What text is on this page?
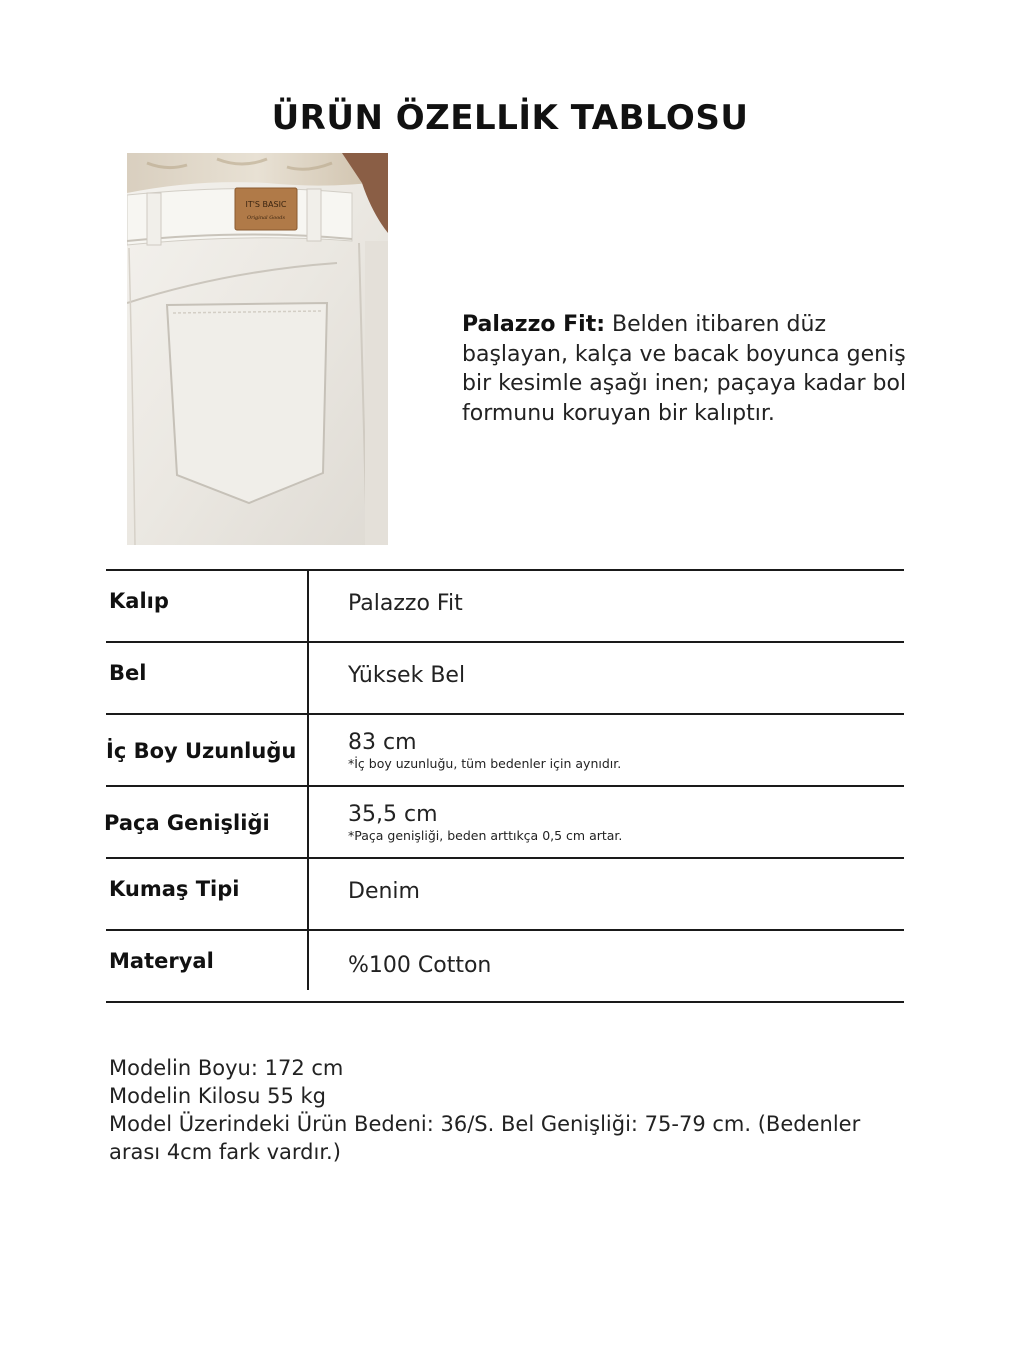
ÜRÜN ÖZELLİK TABLOSU
IT'S BASIC
Original Goods
Palazzo Fit: Belden itibaren düz başlayan, kalça ve bacak boyunca geniş bir kesimle aşağı inen; paçaya kadar bol formunu koruyan bir kalıptır.
Kalıp	Palazzo Fit
Bel	Yüksek Bel
İç Boy Uzunluğu 83 cm
*İç boy uzunluğu, tüm bedenler için aynıdır.
Paça Genişliği	35,5 cm
*Paça genişliği, beden arttıkça 0,5 cm artar.
Kumaş Tipi	Denim
Materyal	%100 Cotton
Modelin Boyu: 172 cm
Modelin Kilosu 55 kg
Model Üzerindeki Ürün Bedeni: 36/S. Bel Genişliği: 75-79 cm. (Bedenler arası 4cm fark vardır.)
